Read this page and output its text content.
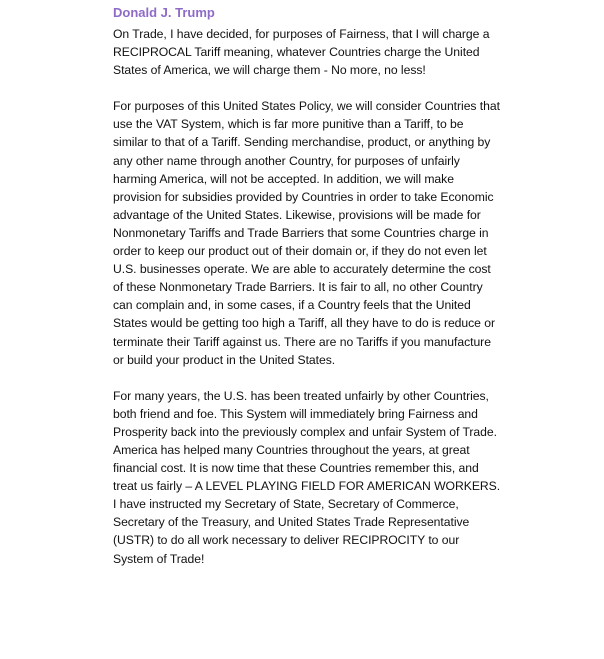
Donald J. Trump

On Trade, I have decided, for purposes of Fairness, that I will charge a RECIPROCAL Tariff meaning, whatever Countries charge the United States of America, we will charge them - No more, no less!

For purposes of this United States Policy, we will consider Countries that use the VAT System, which is far more punitive than a Tariff, to be similar to that of a Tariff. Sending merchandise, product, or anything by any other name through another Country, for purposes of unfairly harming America, will not be accepted. In addition, we will make provision for subsidies provided by Countries in order to take Economic advantage of the United States. Likewise, provisions will be made for Nonmonetary Tariffs and Trade Barriers that some Countries charge in order to keep our product out of their domain or, if they do not even let U.S. businesses operate. We are able to accurately determine the cost of these Nonmonetary Trade Barriers. It is fair to all, no other Country can complain and, in some cases, if a Country feels that the United States would be getting too high a Tariff, all they have to do is reduce or terminate their Tariff against us. There are no Tariffs if you manufacture or build your product in the United States.

For many years, the U.S. has been treated unfairly by other Countries, both friend and foe. This System will immediately bring Fairness and Prosperity back into the previously complex and unfair System of Trade. America has helped many Countries throughout the years, at great financial cost. It is now time that these Countries remember this, and treat us fairly – A LEVEL PLAYING FIELD FOR AMERICAN WORKERS. I have instructed my Secretary of State, Secretary of Commerce, Secretary of the Treasury, and United States Trade Representative (USTR) to do all work necessary to deliver RECIPROCITY to our System of Trade!
